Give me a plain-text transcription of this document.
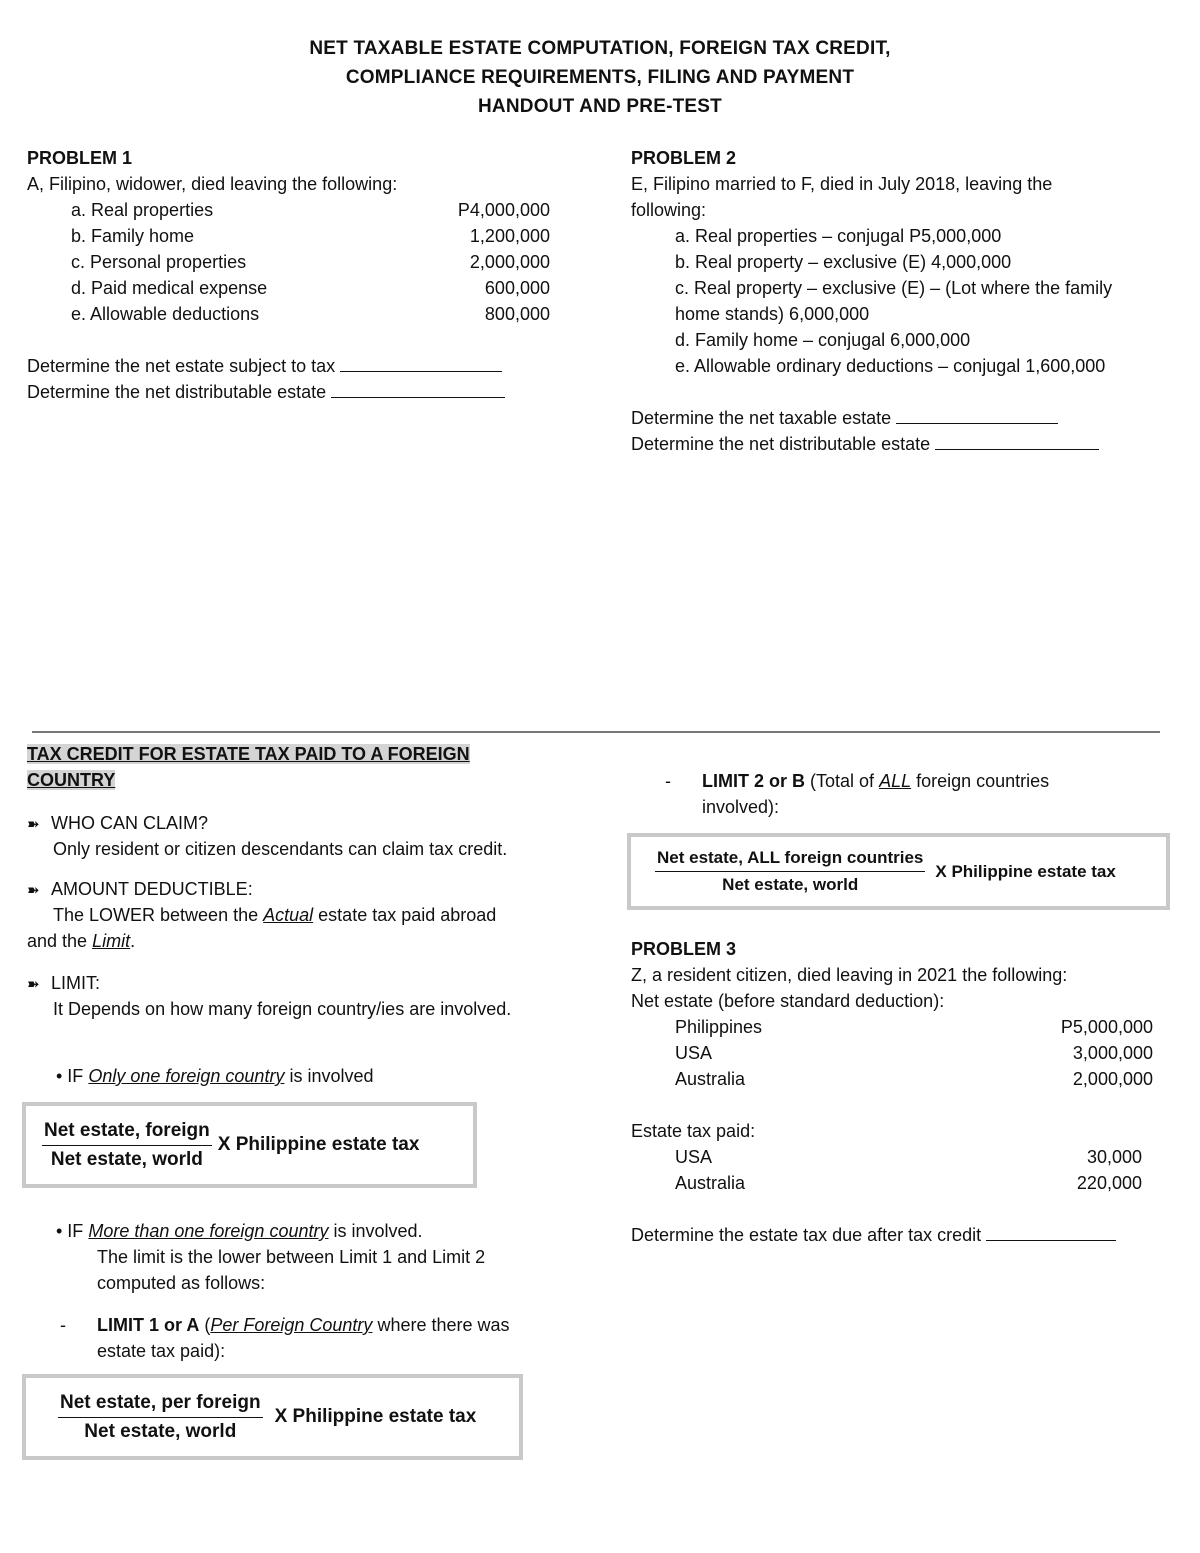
NET TAXABLE ESTATE COMPUTATION, FOREIGN TAX CREDIT,
COMPLIANCE REQUIREMENTS, FILING AND PAYMENT
HANDOUT AND PRE-TEST
PROBLEM 1
A, Filipino, widower, died leaving the following:
a. Real properties	P4,000,000
b. Family home	1,200,000
c. Personal properties	2,000,000
d. Paid medical expense	600,000
e. Allowable deductions	800,000
Determine the net estate subject to tax
Determine the net distributable estate
PROBLEM 2
E, Filipino married to F, died in July 2018, leaving the
following:
a. Real properties – conjugal P5,000,000
b. Real property – exclusive (E) 4,000,000
c. Real property – exclusive (E) – (Lot where the family
home stands) 6,000,000
d. Family home – conjugal 6,000,000
e. Allowable ordinary deductions – conjugal 1,600,000
Determine the net taxable estate
Determine the net distributable estate
TAX CREDIT FOR ESTATE TAX PAID TO A FOREIGN
COUNTRY
➽ WHO CAN CLAIM?
Only resident or citizen descendants can claim tax credit.
➽ AMOUNT DEDUCTIBLE:
The LOWER between the Actual estate tax paid abroad
and the Limit.
➽ LIMIT:
It Depends on how many foreign country/ies are involved.
• IF Only one foreign country is involved
$\frac{\text{Net estate, foreign}}{\text{Net estate, world}}$ X Philippine estate tax
• IF More than one foreign country is involved.
The limit is the lower between Limit 1 and Limit 2
computed as follows:
- LIMIT 1 or A (Per Foreign Country where there was
estate tax paid):
$\frac{\text{Net estate, per foreign}}{\text{Net estate, world}}$ X Philippine estate tax
- LIMIT 2 or B (Total of ALL foreign countries
involved):
$\frac{\text{Net estate, ALL foreign countries}}{\text{Net estate, world}}$ X Philippine estate tax
PROBLEM 3
Z, a resident citizen, died leaving in 2021 the following:
Net estate (before standard deduction):
Philippines	P5,000,000
USA	3,000,000
Australia	2,000,000
Estate tax paid:
USA	30,000
Australia	220,000
Determine the estate tax due after tax credit
